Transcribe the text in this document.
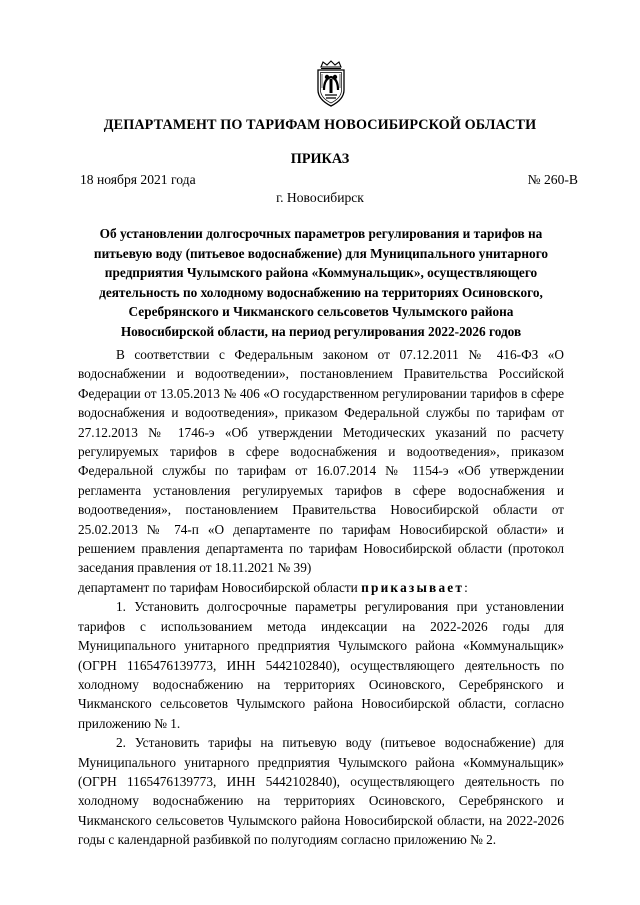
ДЕПАРТАМЕНТ ПО ТАРИФАМ НОВОСИБИРСКОЙ ОБЛАСТИ
ПРИКАЗ
18 ноября 2021 года	№ 260-В
г. Новосибирск
Об установлении долгосрочных параметров регулирования и тарифов на питьевую воду (питьевое водоснабжение) для Муниципального унитарного предприятия Чулымского района «Коммунальщик», осуществляющего деятельность по холодному водоснабжению на территориях Осиновского, Серебрянского и Чикманского сельсоветов Чулымского района Новосибирской области, на период регулирования 2022-2026 годов

В соответствии с Федеральным законом от 07.12.2011 № 416-ФЗ «О водоснабжении и водоотведении», постановлением Правительства Российской Федерации от 13.05.2013 № 406 «О государственном регулировании тарифов в сфере водоснабжения и водоотведения», приказом Федеральной службы по тарифам от 27.12.2013 № 1746-э «Об утверждении Методических указаний по расчету регулируемых тарифов в сфере водоснабжения и водоотведения», приказом Федеральной службы по тарифам от 16.07.2014 № 1154-э «Об утверждении регламента установления регулируемых тарифов в сфере водоснабжения и водоотведения», постановлением Правительства Новосибирской области от 25.02.2013 № 74-п «О департаменте по тарифам Новосибирской области» и решением правления департамента по тарифам Новосибирской области (протокол заседания правления от 18.11.2021 № 39)

департамент по тарифам Новосибирской области приказывает:

1. Установить долгосрочные параметры регулирования при установлении тарифов с использованием метода индексации на 2022-2026 годы для Муниципального унитарного предприятия Чулымского района «Коммунальщик» (ОГРН 1165476139773, ИНН 5442102840), осуществляющего деятельность по холодному водоснабжению на территориях Осиновского, Серебрянского и Чикманского сельсоветов Чулымского района Новосибирской области, согласно приложению № 1.

2. Установить тарифы на питьевую воду (питьевое водоснабжение) для Муниципального унитарного предприятия Чулымского района «Коммунальщик» (ОГРН 1165476139773, ИНН 5442102840), осуществляющего деятельность по холодному водоснабжению на территориях Осиновского, Серебрянского и Чикманского сельсоветов Чулымского района Новосибирской области, на 2022-2026 годы с календарной разбивкой по полугодиям согласно приложению № 2.
